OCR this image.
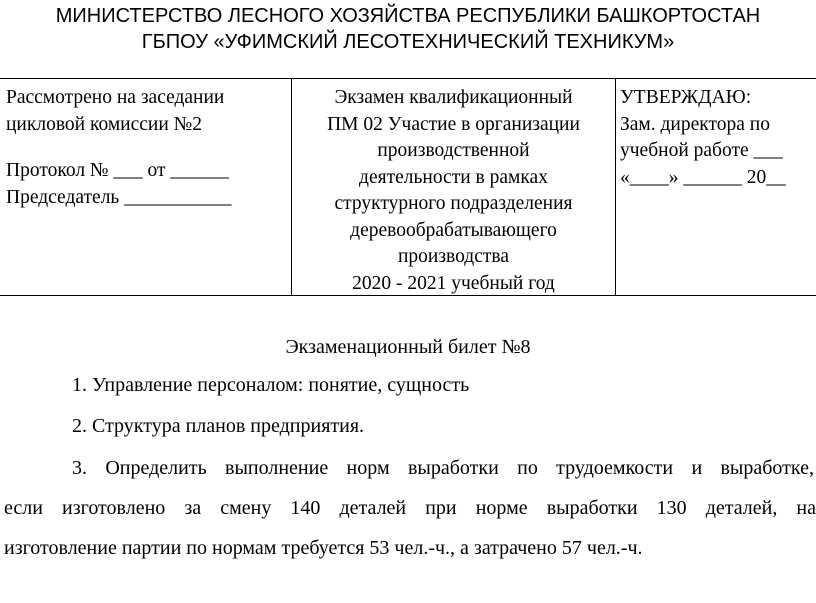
МИНИСТЕРСТВО ЛЕСНОГО ХОЗЯЙСТВА РЕСПУБЛИКИ БАШКОРТОСТАН
ГБПОУ «УФИМСКИЙ ЛЕСОТЕХНИЧЕСКИЙ ТЕХНИКУМ»
Рассмотрено на заседании
цикловой комиссии №2
Протокол № ___ от ______
Председатель ___________
Экзамен квалификационный
ПМ 02 Участие в организации
производственной
деятельности в рамках
структурного подразделения
деревообрабатывающего
производства
2020 - 2021 учебный год
УТВЕРЖДАЮ:
Зам. директора по
учебной работе ___
«____» ______ 20__
Экзаменационный билет №8
1. Управление персоналом: понятие, сущность
2. Структура планов предприятия.
3. Определить выполнение норм выработки по трудоемкости и выработке,
если изготовлено за смену 140 деталей при норме выработки 130 деталей, на
изготовление партии по нормам требуется 53 чел.-ч., а затрачено 57 чел.-ч.
